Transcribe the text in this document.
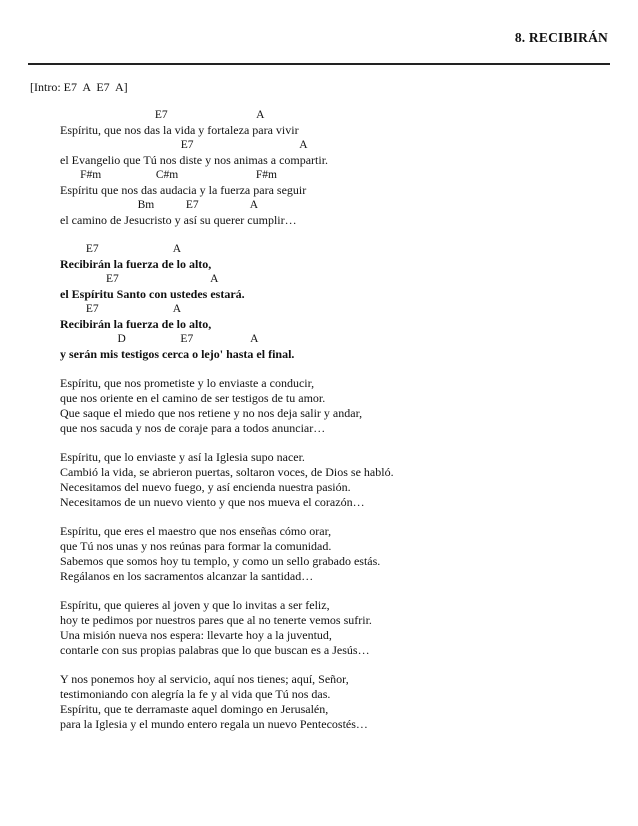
8. RECIBIRÁN
[Intro: E7  A  E7  A]
E7                               A
Espíritu, que nos das la vida y fortaleza para vivir
E7                                     A
el Evangelio que Tú nos diste y nos animas a compartir.
F#m                   C#m                           F#m
Espíritu que nos das audacia y la fuerza para seguir
Bm           E7                  A
el camino de Jesucristo y así su querer cumplir…
E7                          A
Recibirán la fuerza de lo alto,
E7                                A
el Espíritu Santo con ustedes estará.
E7                          A
Recibirán la fuerza de lo alto,
D                   E7                    A
y serán mis testigos cerca o lejo' hasta el final.
Espíritu, que nos prometiste y lo enviaste a conducir,
que nos oriente en el camino de ser testigos de tu amor.
Que saque el miedo que nos retiene y no nos deja salir y andar,
que nos sacuda y nos de coraje para a todos anunciar…
Espíritu, que lo enviaste y así la Iglesia supo nacer.
Cambió la vida, se abrieron puertas, soltaron voces, de Dios se habló.
Necesitamos del nuevo fuego, y así encienda nuestra pasión.
Necesitamos de un nuevo viento y que nos mueva el corazón…
Espíritu, que eres el maestro que nos enseñas cómo orar,
que Tú nos unas y nos reúnas para formar la comunidad.
Sabemos que somos hoy tu templo, y como un sello grabado estás.
Regálanos en los sacramentos alcanzar la santidad…
Espíritu, que quieres al joven y que lo invitas a ser feliz,
hoy te pedimos por nuestros pares que al no tenerte vemos sufrir.
Una misión nueva nos espera: llevarte hoy a la juventud,
contarle con sus propias palabras que lo que buscan es a Jesús…
Y nos ponemos hoy al servicio, aquí nos tienes; aquí, Señor,
testimoniando con alegría la fe y al vida que Tú nos das.
Espíritu, que te derramaste aquel domingo en Jerusalén,
para la Iglesia y el mundo entero regala un nuevo Pentecostés…
